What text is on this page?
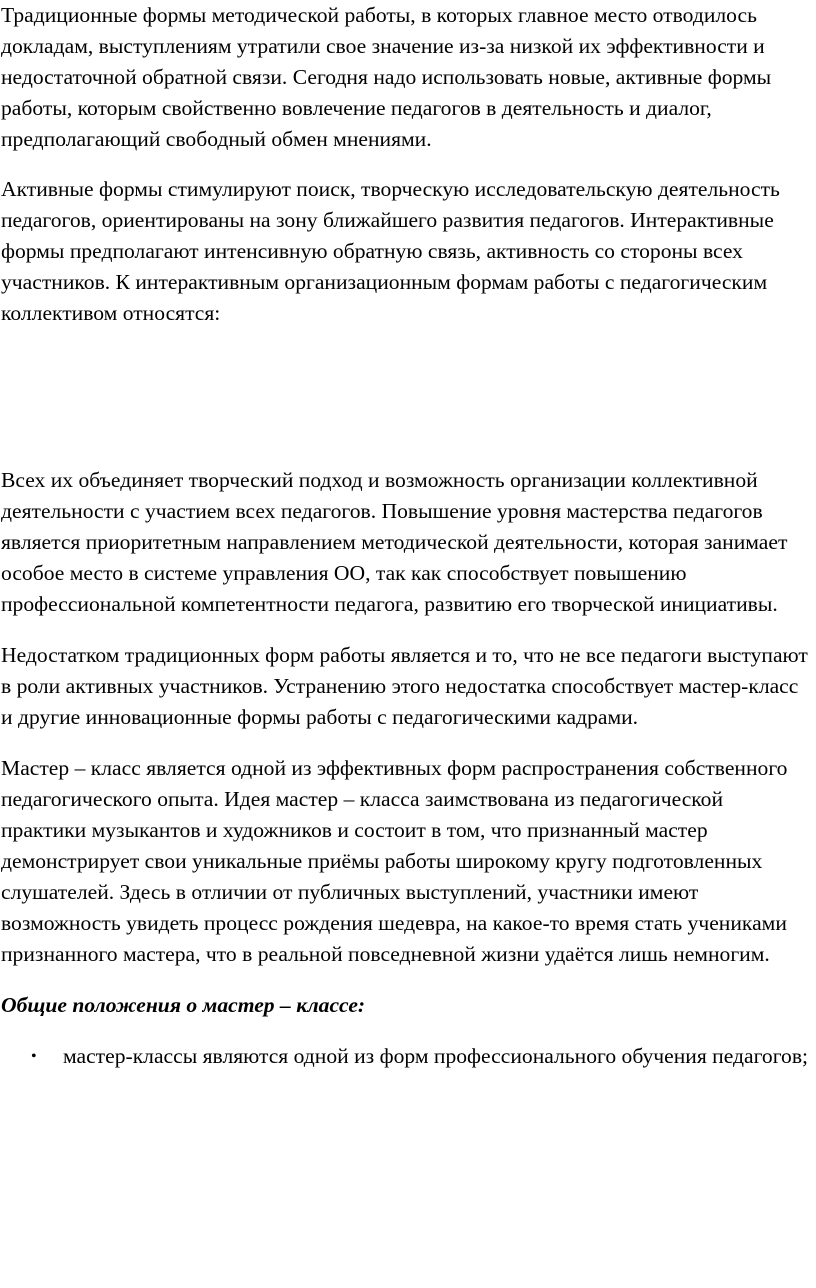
Традиционные формы методической работы, в которых главное место отводилось докладам, выступлениям утратили свое значение из-за низкой их эффективности и недостаточной обратной связи. Сегодня надо использовать новые, активные формы работы, которым свойственно вовлечение педагогов в деятельность и диалог, предполагающий свободный обмен мнениями.

Активные формы стимулируют поиск, творческую исследовательскую деятельность педагогов, ориентированы на зону ближайшего развития педагогов. Интерактивные формы предполагают интенсивную обратную связь, активность со стороны всех участников. К интерактивным организационным формам работы с педагогическим коллективом относятся:

Всех их объединяет творческий подход и возможность организации коллективной деятельности с участием всех педагогов. Повышение уровня мастерства педагогов является приоритетным направлением методической деятельности, которая занимает особое место в системе управления ОО, так как способствует повышению профессиональной компетентности педагога, развитию его творческой инициативы.

Недостатком традиционных форм работы является и то, что не все педагоги выступают в роли активных участников. Устранению этого недостатка способствует мастер-класс и другие инновационные формы работы с педагогическими кадрами.

Мастер – класс является одной из эффективных форм распространения собственного педагогического опыта. Идея мастер – класса заимствована из педагогической практики музыкантов и художников и состоит в том, что признанный мастер демонстрирует свои уникальные приёмы работы широкому кругу подготовленных слушателей. Здесь в отличии от публичных выступлений, участники имеют возможность увидеть процесс рождения шедевра, на какое-то время стать учениками признанного мастера, что в реальной повседневной жизни удаётся лишь немногим.

Общие положения о мастер – классе:

• мастер-классы являются одной из форм профессионального обучения педагогов;
